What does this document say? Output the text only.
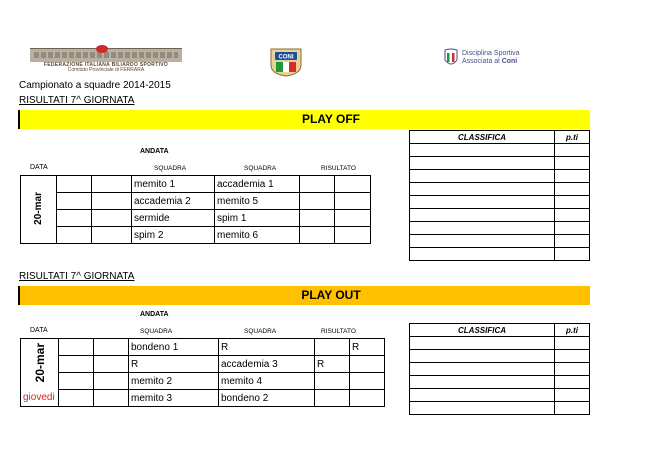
FEDERAZIONE ITALIANA BILIARDO SPORTIVO
Comitato Provinciale di FERRARA
CONI
Disciplina Sportiva
Associata al Coni
Campionato a squadre 2014-2015
RISULTATI 7^ GIORNATA
PLAY OFF
ANDATA
DATA	SQUADRA	SQUADRA	RISULTATO
20-mar			memito 1	accademia 1		
			accademia 2	memito 5		
			sermide	spim 1		
			spim 2	memito 6		
CLASSIFICA	p.ti

RISULTATI 7^ GIORNATA
PLAY OUT
ANDATA
DATA	SQUADRA	SQUADRA	RISULTATO
20-mar			bondeno 1	R		R
			R	accademia 3	R	
			memito 2	memito 4		
giovedi			memito 3	bondeno 2		
CLASSIFICA	p.ti
